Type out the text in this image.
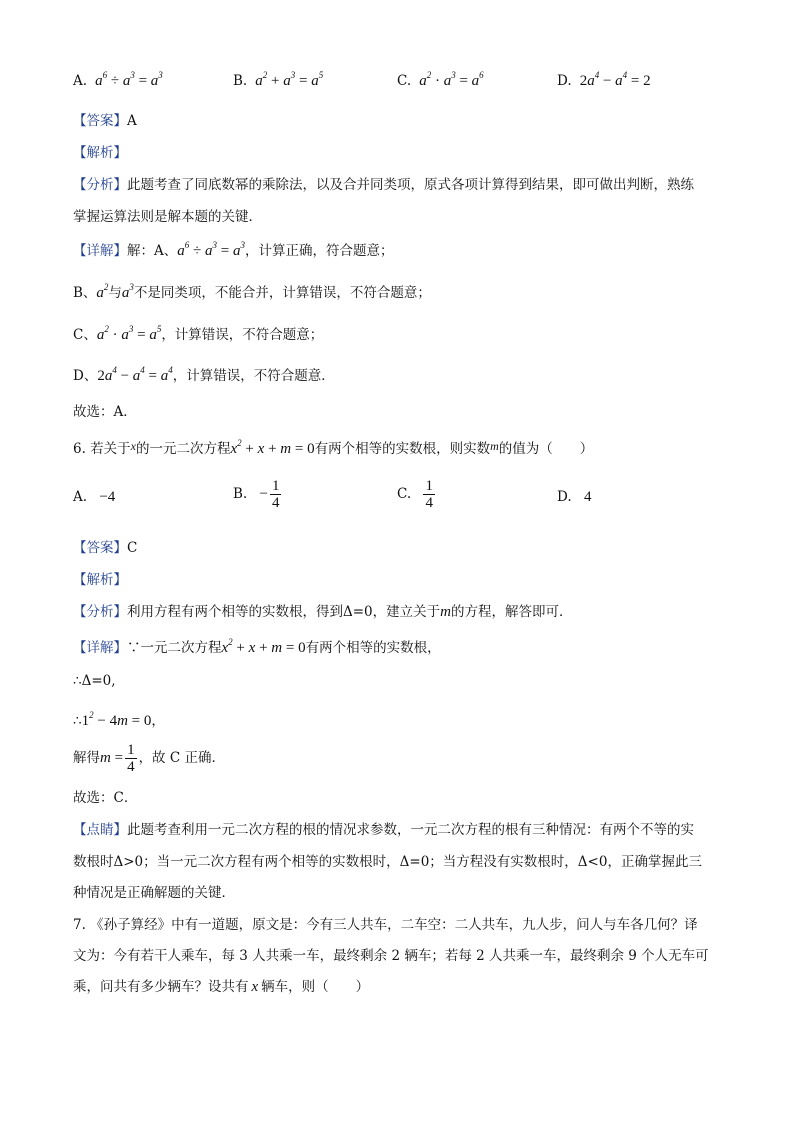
A.  $a^6 \div a^3 = a^3$	B.  $a^2 + a^3 = a^5$	C.  $a^2 \cdot a^3 = a^6$	D. $2a^4 - a^4 = 2$
【答案】A
【解析】
【分析】此题考查了同底数幂的乘除法，以及合并同类项，原式各项计算得到结果，即可做出判断，熟练
掌握运算法则是解本题的关键．
【详解】解：A、$a^6 \div a^3 = a^3$，计算正确，符合题意；
B、$a^2$与$a^3$不是同类项，不能合并，计算错误，不符合题意；
C、$a^2 \cdot a^3 = a^5$，计算错误，不符合题意；
D、$2a^4 - a^4 = a^4$，计算错误，不符合题意．
故选：A．
6. 若关于x的一元二次方程$x^2 + x + m = 0$有两个相等的实数根，则实数m的值为（　　）
A. −4	B. − $\frac{1}{4}$	C. $\frac{1}{4}$	D. 4
【答案】C
【解析】
【分析】利用方程有两个相等的实数根，得到Δ=0，建立关于m的方程，解答即可．
【详解】∵一元二次方程$x^2 + x + m = 0$有两个相等的实数根，
∴Δ=0,
$\therefore 1^2 - 4m = 0$，
解得$m = \frac{1}{4}$ ，故 C 正确．
故选：C．
【点睛】此题考查利用一元二次方程的根的情况求参数，一元二次方程的根有三种情况：有两个不等的实
数根时Δ>0；当一元二次方程有两个相等的实数根时，Δ=0；当方程没有实数根时，Δ<0，正确掌握此三
种情况是正确解题的关键．
7. 《孙子算经》中有一道题，原文是：今有三人共车，二车空：二人共车，九人步，问人与车各几何？译
文为：今有若干人乘车，每 3 人共乘一车，最终剩余 2 辆车；若每 2 人共乘一车，最终剩余 9 个人无车可
乘，问共有多少辆车？设共有 x 辆车，则（　　）
